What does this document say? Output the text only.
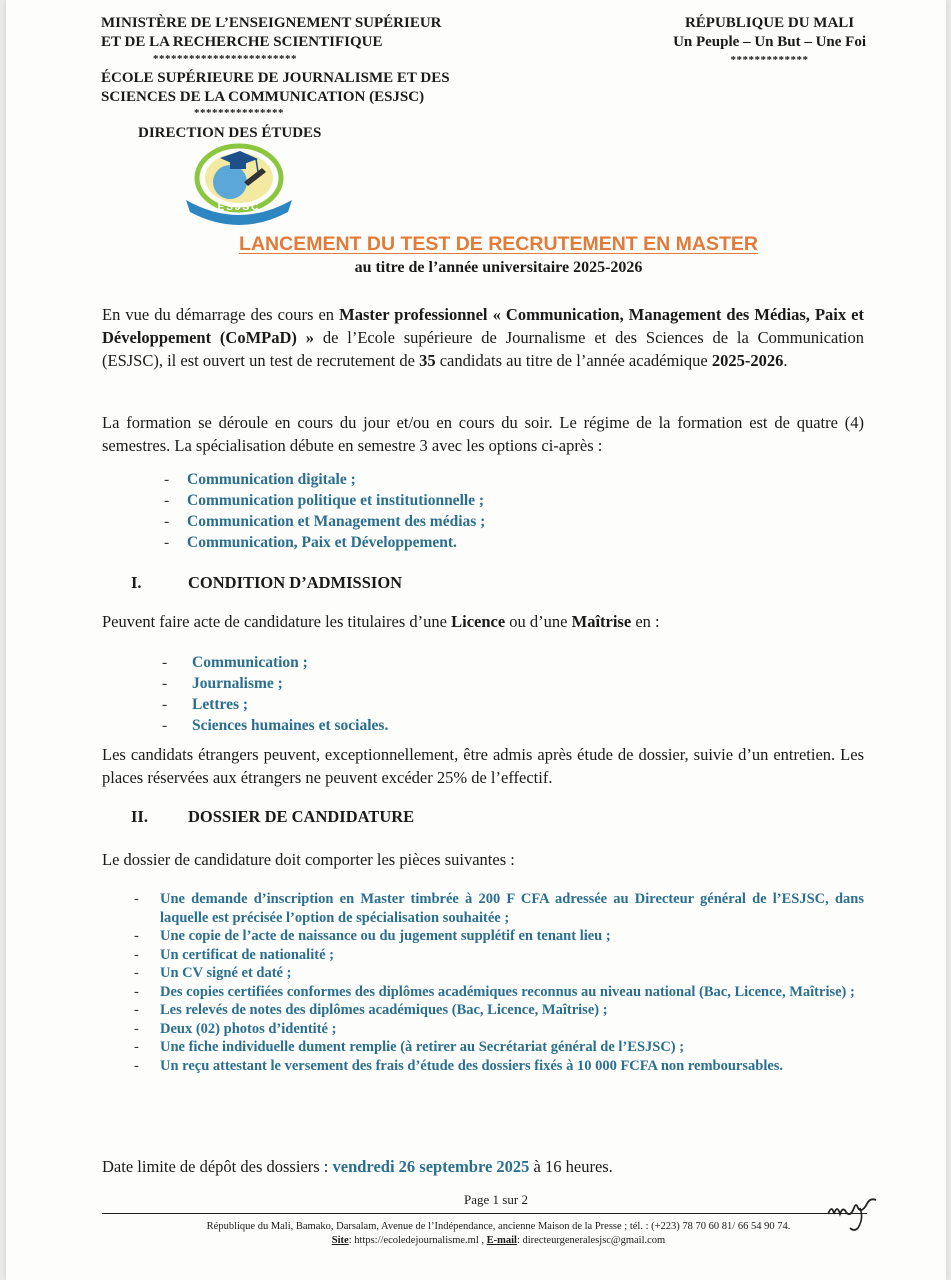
MINISTÈRE DE L’ENSEIGNEMENT SUPÉRIEUR
ET DE LA RECHERCHE SCIENTIFIQUE
************************
ÉCOLE SUPÉRIEURE DE JOURNALISME ET DES
SCIENCES DE LA COMMUNICATION (ESJSC)
***************
DIRECTION DES ÉTUDES
RÉPUBLIQUE DU MALI
Un Peuple – Un But – Une Foi
*************
ESJSC
LANCEMENT DU TEST DE RECRUTEMENT EN MASTER
au titre de l’année universitaire 2025-2026
En vue du démarrage des cours en Master professionnel « Communication, Management des Médias, Paix et Développement (CoMPaD) » de l’Ecole supérieure de Journalisme et des Sciences de la Communication (ESJSC), il est ouvert un test de recrutement de 35 candidats au titre de l’année académique 2025-2026.
La formation se déroule en cours du jour et/ou en cours du soir. Le régime de la formation est de quatre (4) semestres. La spécialisation débute en semestre 3 avec les options ci-après :
- Communication digitale ;
- Communication politique et institutionnelle ;
- Communication et Management des médias ;
- Communication, Paix et Développement.
I.	CONDITION D’ADMISSION
Peuvent faire acte de candidature les titulaires d’une Licence ou d’une Maîtrise en :
- Communication ;
- Journalisme ;
- Lettres ;
- Sciences humaines et sociales.
Les candidats étrangers peuvent, exceptionnellement, être admis après étude de dossier, suivie d’un entretien. Les places réservées aux étrangers ne peuvent excéder 25% de l’effectif.
II. DOSSIER DE CANDIDATURE
Le dossier de candidature doit comporter les pièces suivantes :
- Une demande d’inscription en Master timbrée à 200 F CFA adressée au Directeur général de l’ESJSC, dans laquelle est précisée l’option de spécialisation souhaitée ;
- Une copie de l’acte de naissance ou du jugement supplétif en tenant lieu ;
- Un certificat de nationalité ;
- Un CV signé et daté ;
- Des copies certifiées conformes des diplômes académiques reconnus au niveau national (Bac, Licence, Maîtrise) ;
- Les relevés de notes des diplômes académiques (Bac, Licence, Maîtrise) ;
- Deux (02) photos d’identité ;
- Une fiche individuelle dument remplie (à retirer au Secrétariat général de l’ESJSC) ;
- Un reçu attestant le versement des frais d’étude des dossiers fixés à 10 000 FCFA non remboursables.
Date limite de dépôt des dossiers : vendredi 26 septembre 2025 à 16 heures.
Page 1 sur 2
République du Mali, Bamako, Darsalam, Avenue de l’Indépendance, ancienne Maison de la Presse ; tél. : (+223) 78 70 60 81/ 66 54 90 74.
Site: https://ecoledejournalisme.ml , E-mail: directeurgeneralesjsc@gmail.com
